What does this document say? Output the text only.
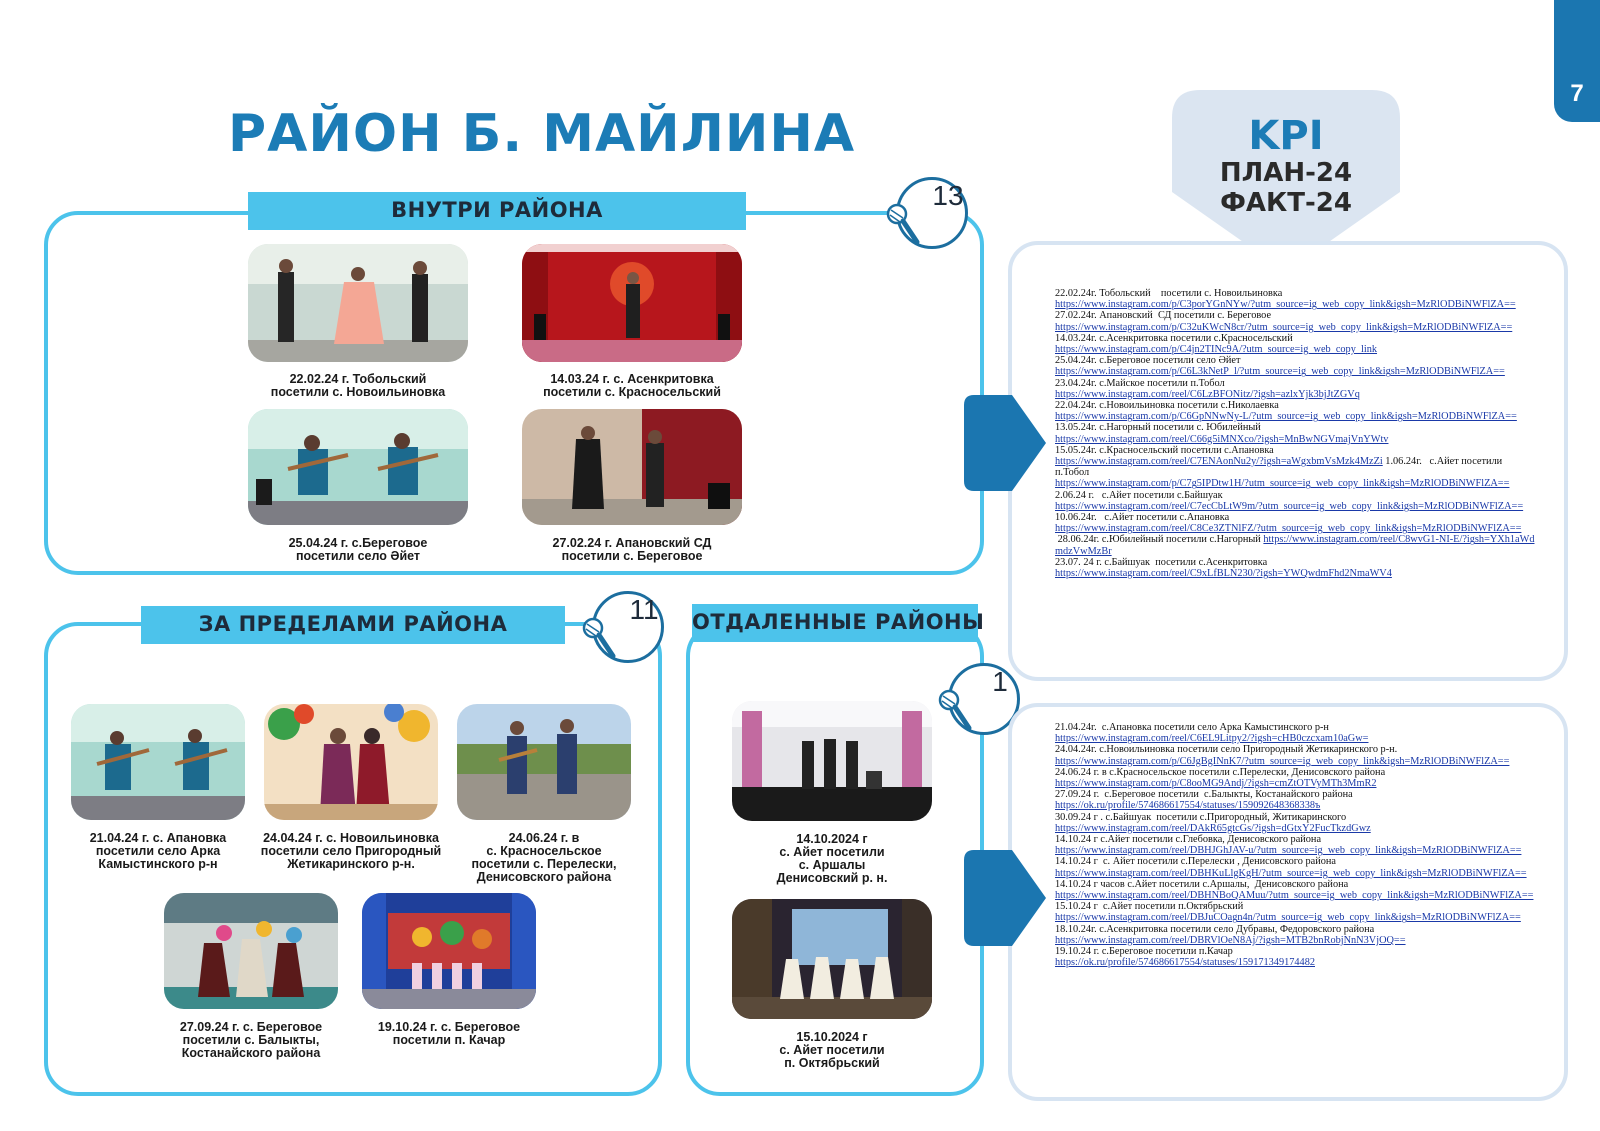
7
РАЙОН Б. МАЙЛИНА	KPI
ПЛАН-24
ФАКТ-24
ВНУТРИ РАЙОНА
ЗА ПРЕДЕЛАМИ РАЙОНА	ОТДАЛЕННЫЕ РАЙОНЫ
13
11
1
22.02.24 г. Тобольский
посетили с. Новоильиновка
14.03.24 г. с. Асенкритовка
посетили с. Красносельский
25.04.24 г. с.Береговое
посетили село Әйет
27.02.24 г. Апановский СД
посетили с. Береговое
21.04.24 г. с. Апановка
посетили село Арка
Камыстинского р-н
24.04.24 г. с. Новоильиновка
посетили село Пригородный
Жетикаринского р-н.
24.06.24 г. в
с. Красносельское
посетили с. Перелески,
Денисовского района
27.09.24 г. с. Береговое
посетили с. Балыкты,
Костанайского района
19.10.24 г. с. Береговое
посетили п. Качар
14.10.2024 г
с. Айет посетили
с. Аршалы
Денисовский р. н.
15.10.2024 г
с. Айет посетили
п. Октябрьский
22.02.24г. Тобольский    посетили с. Новоильиновка
https://www.instagram.com/p/C3porYGnNYw/?utm_source=ig_web_copy_link&igsh=MzRlODBiNWFlZA==
27.02.24г. Апановский  СД посетили с. Береговое
https://www.instagram.com/p/C32uKWcN8cr/?utm_source=ig_web_copy_link&igsh=MzRlODBiNWFlZA==
14.03.24г. с.Асенкритовка посетили с.Красносельский
https://www.instagram.com/p/C4jn2TINc9A/?utm_source=ig_web_copy_link
25.04.24г. с.Береговое посетили село Әйет
https://www.instagram.com/p/C6L3kNetP_l/?utm_source=ig_web_copy_link&igsh=MzRlODBiNWFlZA==
23.04.24г. с.Майское посетили п.Тобол
https://www.instagram.com/reel/C6LzBFONitz/?igsh=azlxYjk3bjJtZGVq
22.04.24г. с.Новоильиновка посетили с.Николаевка
https://www.instagram.com/p/C6GpNNwNy-L/?utm_source=ig_web_copy_link&igsh=MzRlODBiNWFlZA==
13.05.24г. с.Нагорный посетили с. Юбилейный
https://www.instagram.com/reel/C66g5iMNXco/?igsh=MnBwNGVmajVnYWtv
15.05.24г. с.Красносельский посетили с.Апановка
https://www.instagram.com/reel/C7ENAonNu2y/?igsh=aWgxbmVsMzk4MzZi 1.06.24г.   с.Айет посетили п.Тобол
https://www.instagram.com/p/C7g5IPDtw1H/?utm_source=ig_web_copy_link&igsh=MzRlODBiNWFlZA==
2.06.24 г.   с.Айет посетили с.Байшуак
https://www.instagram.com/reel/C7ecCbLtW9m/?utm_source=ig_web_copy_link&igsh=MzRlODBiNWFlZA==
10.06.24г.   с.Айет посетили с.Апановка
https://www.instagram.com/reel/C8Ce3ZTNlFZ/?utm_source=ig_web_copy_link&igsh=MzRlODBiNWFlZA==
28.06.24г. с.Юбилейный посетили с.Нагорный https://www.instagram.com/reel/C8wvG1-NI-E/?igsh=YXh1aWdmdzVwMzBr
23.07. 24 г. с.Байшуак  посетили с.Асенкритовка
https://www.instagram.com/reel/C9xLfBLN230/?igsh=YWQwdmFhd2NmaWV4
21.04.24г.  с.Апановка посетили село Арка Камыстинского р-н
https://www.instagram.com/reel/C6EL9Litpy2/?igsh=cHB0czcxam10aGw=
24.04.24г. с.Новоильиновка посетили село Пригородный Жетикаринского р-н.
https://www.instagram.com/p/C6JgBgINnK7/?utm_source=ig_web_copy_link&igsh=MzRlODBiNWFlZA==
24.06.24 г. в с.Красносельское посетили с.Перелески, Денисовского района
https://www.instagram.com/p/C8ooMG9Andj/?igsh=cmZtOTVyMTh3MmR2
27.09.24 г.  с.Береговое посетили  с.Балыкты, Костанайского района
https://ok.ru/profile/574686617554/statuses/159092648368338ъ
30.09.24 г . с.Байшуак  посетили с.Пригородный, Житикаринского
https://www.instagram.com/reel/DAkR65gtcGs/?igsh=dGtxY2FucTkzdGwz
14.10.24 г с.Айет посетили с.Глебовка, Денисовского района
https://www.instagram.com/reel/DBHJGhJAV-u/?utm_source=ig_web_copy_link&igsh=MzRlODBiNWFlZA==
14.10.24 г  с. Айет посетили с.Перелески , Денисовского района
https://www.instagram.com/reel/DBHKuLlgKgH/?utm_source=ig_web_copy_link&igsh=MzRlODBiNWFlZA==
14.10.24 г часов с.Айет посетили с.Аршалы,  Денисовского района
https://www.instagram.com/reel/DBHNBoQAMuu/?utm_source=ig_web_copy_link&igsh=MzRlODBiNWFlZA==
15.10.24 г  с.Айет посетили п.Октябрьский
https://www.instagram.com/reel/DBJuCOagn4n/?utm_source=ig_web_copy_link&igsh=MzRlODBiNWFlZA==
18.10.24г. с.Асенкритовка посетили село Дубравы, Федоровского района
https://www.instagram.com/reel/DBRVlOeN8Aj/?igsh=MTB2bnRobjNnN3VjOQ==
19.10.24 г. с.Береговое посетили п.Качар
https://ok.ru/profile/574686617554/statuses/159171349174482
